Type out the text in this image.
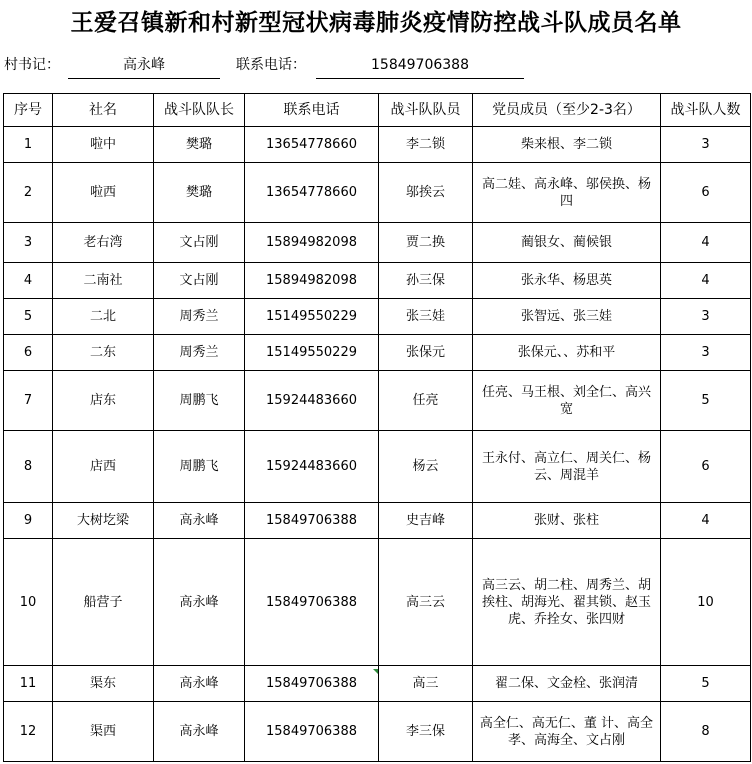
王爱召镇新和村新型冠状病毒肺炎疫情防控战斗队成员名单
村书记：	高永峰	联系电话：	15849706388
序号	社名	战斗队队长	联系电话	战斗队队员	党员成员（至少2-3名）	战斗队人数
1	啦中	樊璐	13654778660	李二锁	柴来根、李二锁	3
2	啦西	樊璐	13654778660	邬挨云	高二娃、高永峰、邬侯换、杨四	6
3	老右湾	文占刚	15894982098	贾二换	蔺银女、蔺候银	4
4	二南社	文占刚	15894982098	孙三保	张永华、杨思英	4
5	二北	周秀兰	15149550229	张三娃	张智远、张三娃	3
6	二东	周秀兰	15149550229	张保元	张保元、、苏和平	3
7	店东	周鹏飞	15924483660	任亮	任亮、马王根、刘全仁、高兴宽	5
8	店西	周鹏飞	15924483660	杨云	王永付、高立仁、周关仁、杨云、周混羊	6
9	大树圪梁	高永峰	15849706388	史吉峰	张财、张柱	4
10	船营子	高永峰	15849706388	高三云	高三云、胡二柱、周秀兰、胡挨柱、胡海光、翟其锁、赵玉虎、乔拴女、张四财	10
11	渠东	高永峰	15849706388	高三	翟二保、文金栓、张润清	5
12	渠西	高永峰	15849706388	李三保	高全仁、高无仁、董 计、高全孝、高海全、文占刚	8
